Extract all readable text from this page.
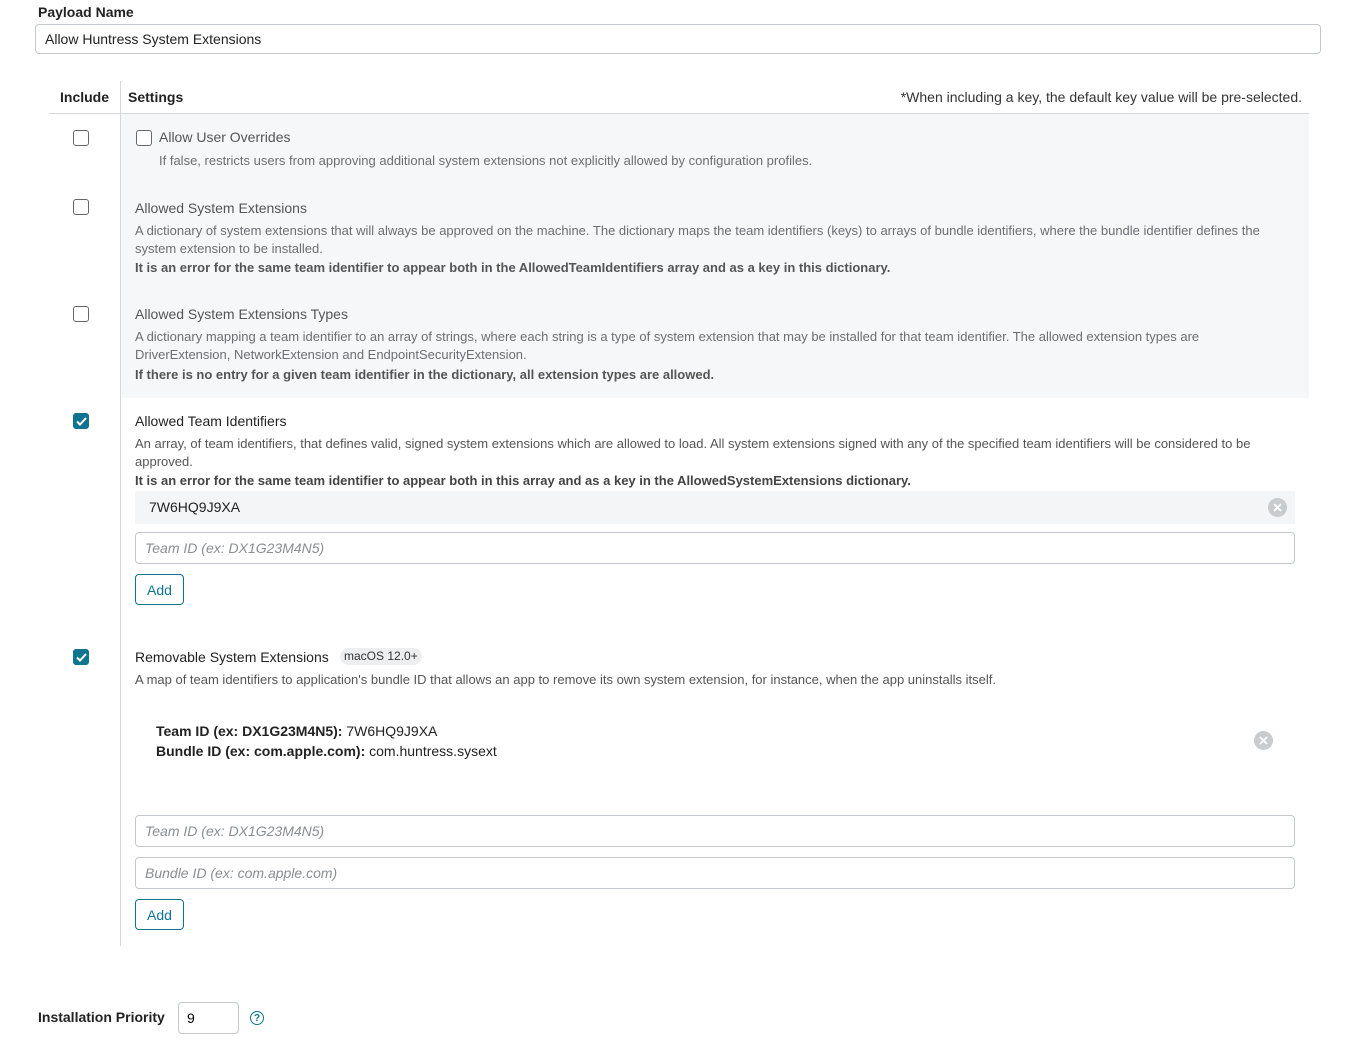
Payload Name
Allow Huntress System Extensions
Include Settings	*When including a key, the default key value will be pre-selected.
Allow User Overrides
If false, restricts users from approving additional system extensions not explicitly allowed by configuration profiles.
Allowed System Extensions
A dictionary of system extensions that will always be approved on the machine. The dictionary maps the team identifiers (keys) to arrays of bundle identifiers, where the bundle identifier defines the system extension to be installed.
It is an error for the same team identifier to appear both in the AllowedTeamIdentifiers array and as a key in this dictionary.
Allowed System Extensions Types
A dictionary mapping a team identifier to an array of strings, where each string is a type of system extension that may be installed for that team identifier. The allowed extension types are DriverExtension, NetworkExtension and EndpointSecurityExtension.
If there is no entry for a given team identifier in the dictionary, all extension types are allowed.
Allowed Team Identifiers
An array, of team identifiers, that defines valid, signed system extensions which are allowed to load. All system extensions signed with any of the specified team identifiers will be considered to be approved.
It is an error for the same team identifier to appear both in this array and as a key in the AllowedSystemExtensions dictionary.
7W6HQ9J9XA
Team ID (ex: DX1G23M4N5)
Add
Removable System Extensions	macOS 12.0+
A map of team identifiers to application's bundle ID that allows an app to remove its own system extension, for instance, when the app uninstalls itself.
Team ID (ex: DX1G23M4N5): 7W6HQ9J9XA
Bundle ID (ex: com.apple.com): com.huntress.sysext
Team ID (ex: DX1G23M4N5)
Bundle ID (ex: com.apple.com)
Add
Installation Priority
9	?
